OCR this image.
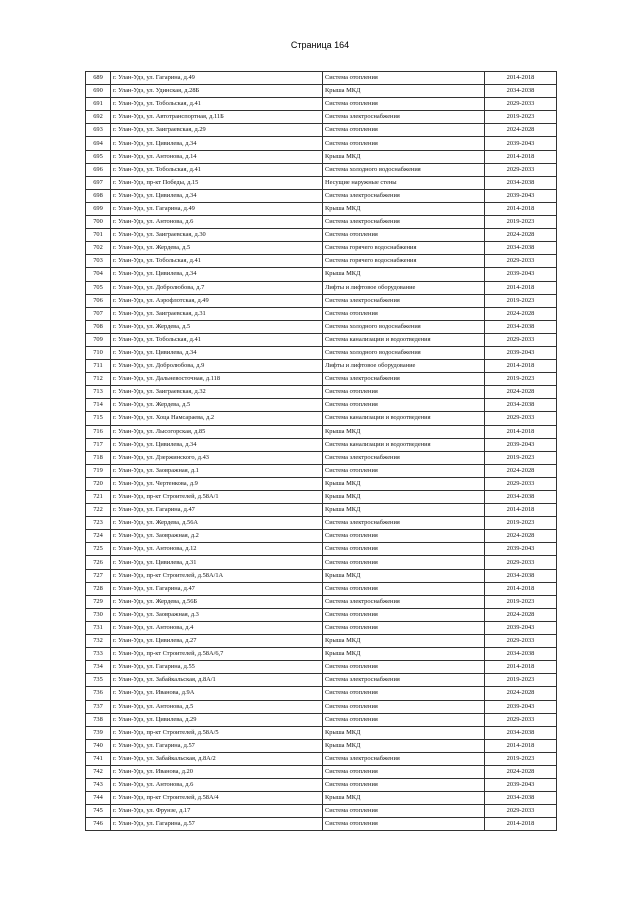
Страница 164
689	г. Улан-Удэ, ул. Гагарина, д.49	Система отопления	2014-2018
690	г. Улан-Удэ, ул. Удинская, д.28Б	Крыша МКД	2034-2038
691	г. Улан-Удэ, ул. Тобольская, д.41	Система отопления	2029-2033
692	г. Улан-Удэ, ул. Автотранспортная, д.11Б	Система электроснабжения	2019-2023
693	г. Улан-Удэ, ул. Заиграевская, д.29	Система отопления	2024-2028
694	г. Улан-Удэ, ул. Цивилева, д.34	Система отопления	2039-2043
695	г. Улан-Удэ, ул. Антонова, д.14	Крыша МКД	2014-2018
696	г. Улан-Удэ, ул. Тобольская, д.41	Система холодного водоснабжения	2029-2033
697	г. Улан-Удэ, пр-кт Победы, д.15	Несущие наружные стены	2034-2038
698	г. Улан-Удэ, ул. Цивилева, д.34	Система электроснабжения	2039-2043
699	г. Улан-Удэ, ул. Гагарина, д.49	Крыша МКД	2014-2018
700	г. Улан-Удэ, ул. Антонова, д.6	Система электроснабжения	2019-2023
701	г. Улан-Удэ, ул. Заиграевская, д.30	Система отопления	2024-2028
702	г. Улан-Удэ, ул. Жердева, д.5	Система горячего водоснабжения	2034-2038
703	г. Улан-Удэ, ул. Тобольская, д.41	Система горячего водоснабжения	2029-2033
704	г. Улан-Удэ, ул. Цивилева, д.34	Крыша МКД	2039-2043
705	г. Улан-Удэ, ул. Добролюбова, д.7	Лифты и лифтовое оборудование	2014-2018
706	г. Улан-Удэ, ул. Аэрофлотская, д.49	Система электроснабжения	2019-2023
707	г. Улан-Удэ, ул. Заиграевская, д.31	Система отопления	2024-2028
708	г. Улан-Удэ, ул. Жердева, д.5	Система холодного водоснабжения	2034-2038
709	г. Улан-Удэ, ул. Тобольская, д.41	Система канализации и водоотведения	2029-2033
710	г. Улан-Удэ, ул. Цивилева, д.34	Система холодного водоснабжения	2039-2043
711	г. Улан-Удэ, ул. Добролюбова, д.9	Лифты и лифтовое оборудование	2014-2018
712	г. Улан-Удэ, ул. Дальневосточная, д.118	Система электроснабжения	2019-2023
713	г. Улан-Удэ, ул. Заиграевская, д.32	Система отопления	2024-2028
714	г. Улан-Удэ, ул. Жердева, д.5	Система отопления	2034-2038
715	г. Улан-Удэ, ул. Хоца Намсараева, д.2	Система канализации и водоотведения	2029-2033
716	г. Улан-Удэ, ул. Лысогорская, д.85	Крыша МКД	2014-2018
717	г. Улан-Удэ, ул. Цивилева, д.34	Система канализации и водоотведения	2039-2043
718	г. Улан-Удэ, ул. Дзержинского, д.43	Система электроснабжения	2019-2023
719	г. Улан-Удэ, ул. Заовражная, д.1	Система отопления	2024-2028
720	г. Улан-Удэ, ул. Чертенкова, д.9	Крыша МКД	2029-2033
721	г. Улан-Удэ, пр-кт Строителей, д.58А/1	Крыша МКД	2034-2038
722	г. Улан-Удэ, ул. Гагарина, д.47	Крыша МКД	2014-2018
723	г. Улан-Удэ, ул. Жердева, д.56А	Система электроснабжения	2019-2023
724	г. Улан-Удэ, ул. Заовражная, д.2	Система отопления	2024-2028
725	г. Улан-Удэ, ул. Антонова, д.12	Система отопления	2039-2043
726	г. Улан-Удэ, ул. Цивилева, д.31	Система отопления	2029-2033
727	г. Улан-Удэ, пр-кт Строителей, д.58А/1А	Крыша МКД	2034-2038
728	г. Улан-Удэ, ул. Гагарина, д.47	Система отопления	2014-2018
729	г. Улан-Удэ, ул. Жердева, д.56Б	Система электроснабжения	2019-2023
730	г. Улан-Удэ, ул. Заовражная, д.3	Система отопления	2024-2028
731	г. Улан-Удэ, ул. Антонова, д.4	Система отопления	2039-2043
732	г. Улан-Удэ, ул. Цивилева, д.27	Крыша МКД	2029-2033
733	г. Улан-Удэ, пр-кт Строителей, д.58А/6,7	Крыша МКД	2034-2038
734	г. Улан-Удэ, ул. Гагарина, д.55	Система отопления	2014-2018
735	г. Улан-Удэ, ул. Забайкальская, д.8А/1	Система электроснабжения	2019-2023
736	г. Улан-Удэ, ул. Иванова, д.9А	Система отопления	2024-2028
737	г. Улан-Удэ, ул. Антонова, д.5	Система отопления	2039-2043
738	г. Улан-Удэ, ул. Цивилева, д.29	Система отопления	2029-2033
739	г. Улан-Удэ, пр-кт Строителей, д.58А/5	Крыша МКД	2034-2038
740	г. Улан-Удэ, ул. Гагарина, д.57	Крыша МКД	2014-2018
741	г. Улан-Удэ, ул. Забайкальская, д.8А/2	Система электроснабжения	2019-2023
742	г. Улан-Удэ, ул. Иванова, д.20	Система отопления	2024-2028
743	г. Улан-Удэ, ул. Антонова, д.6	Система отопления	2039-2043
744	г. Улан-Удэ, пр-кт Строителей, д.58А/4	Крыша МКД	2034-2038
745	г. Улан-Удэ, ул. Фрунзе, д.17	Система отопления	2029-2033
746	г. Улан-Удэ, ул. Гагарина, д.57	Система отопления	2014-2018
